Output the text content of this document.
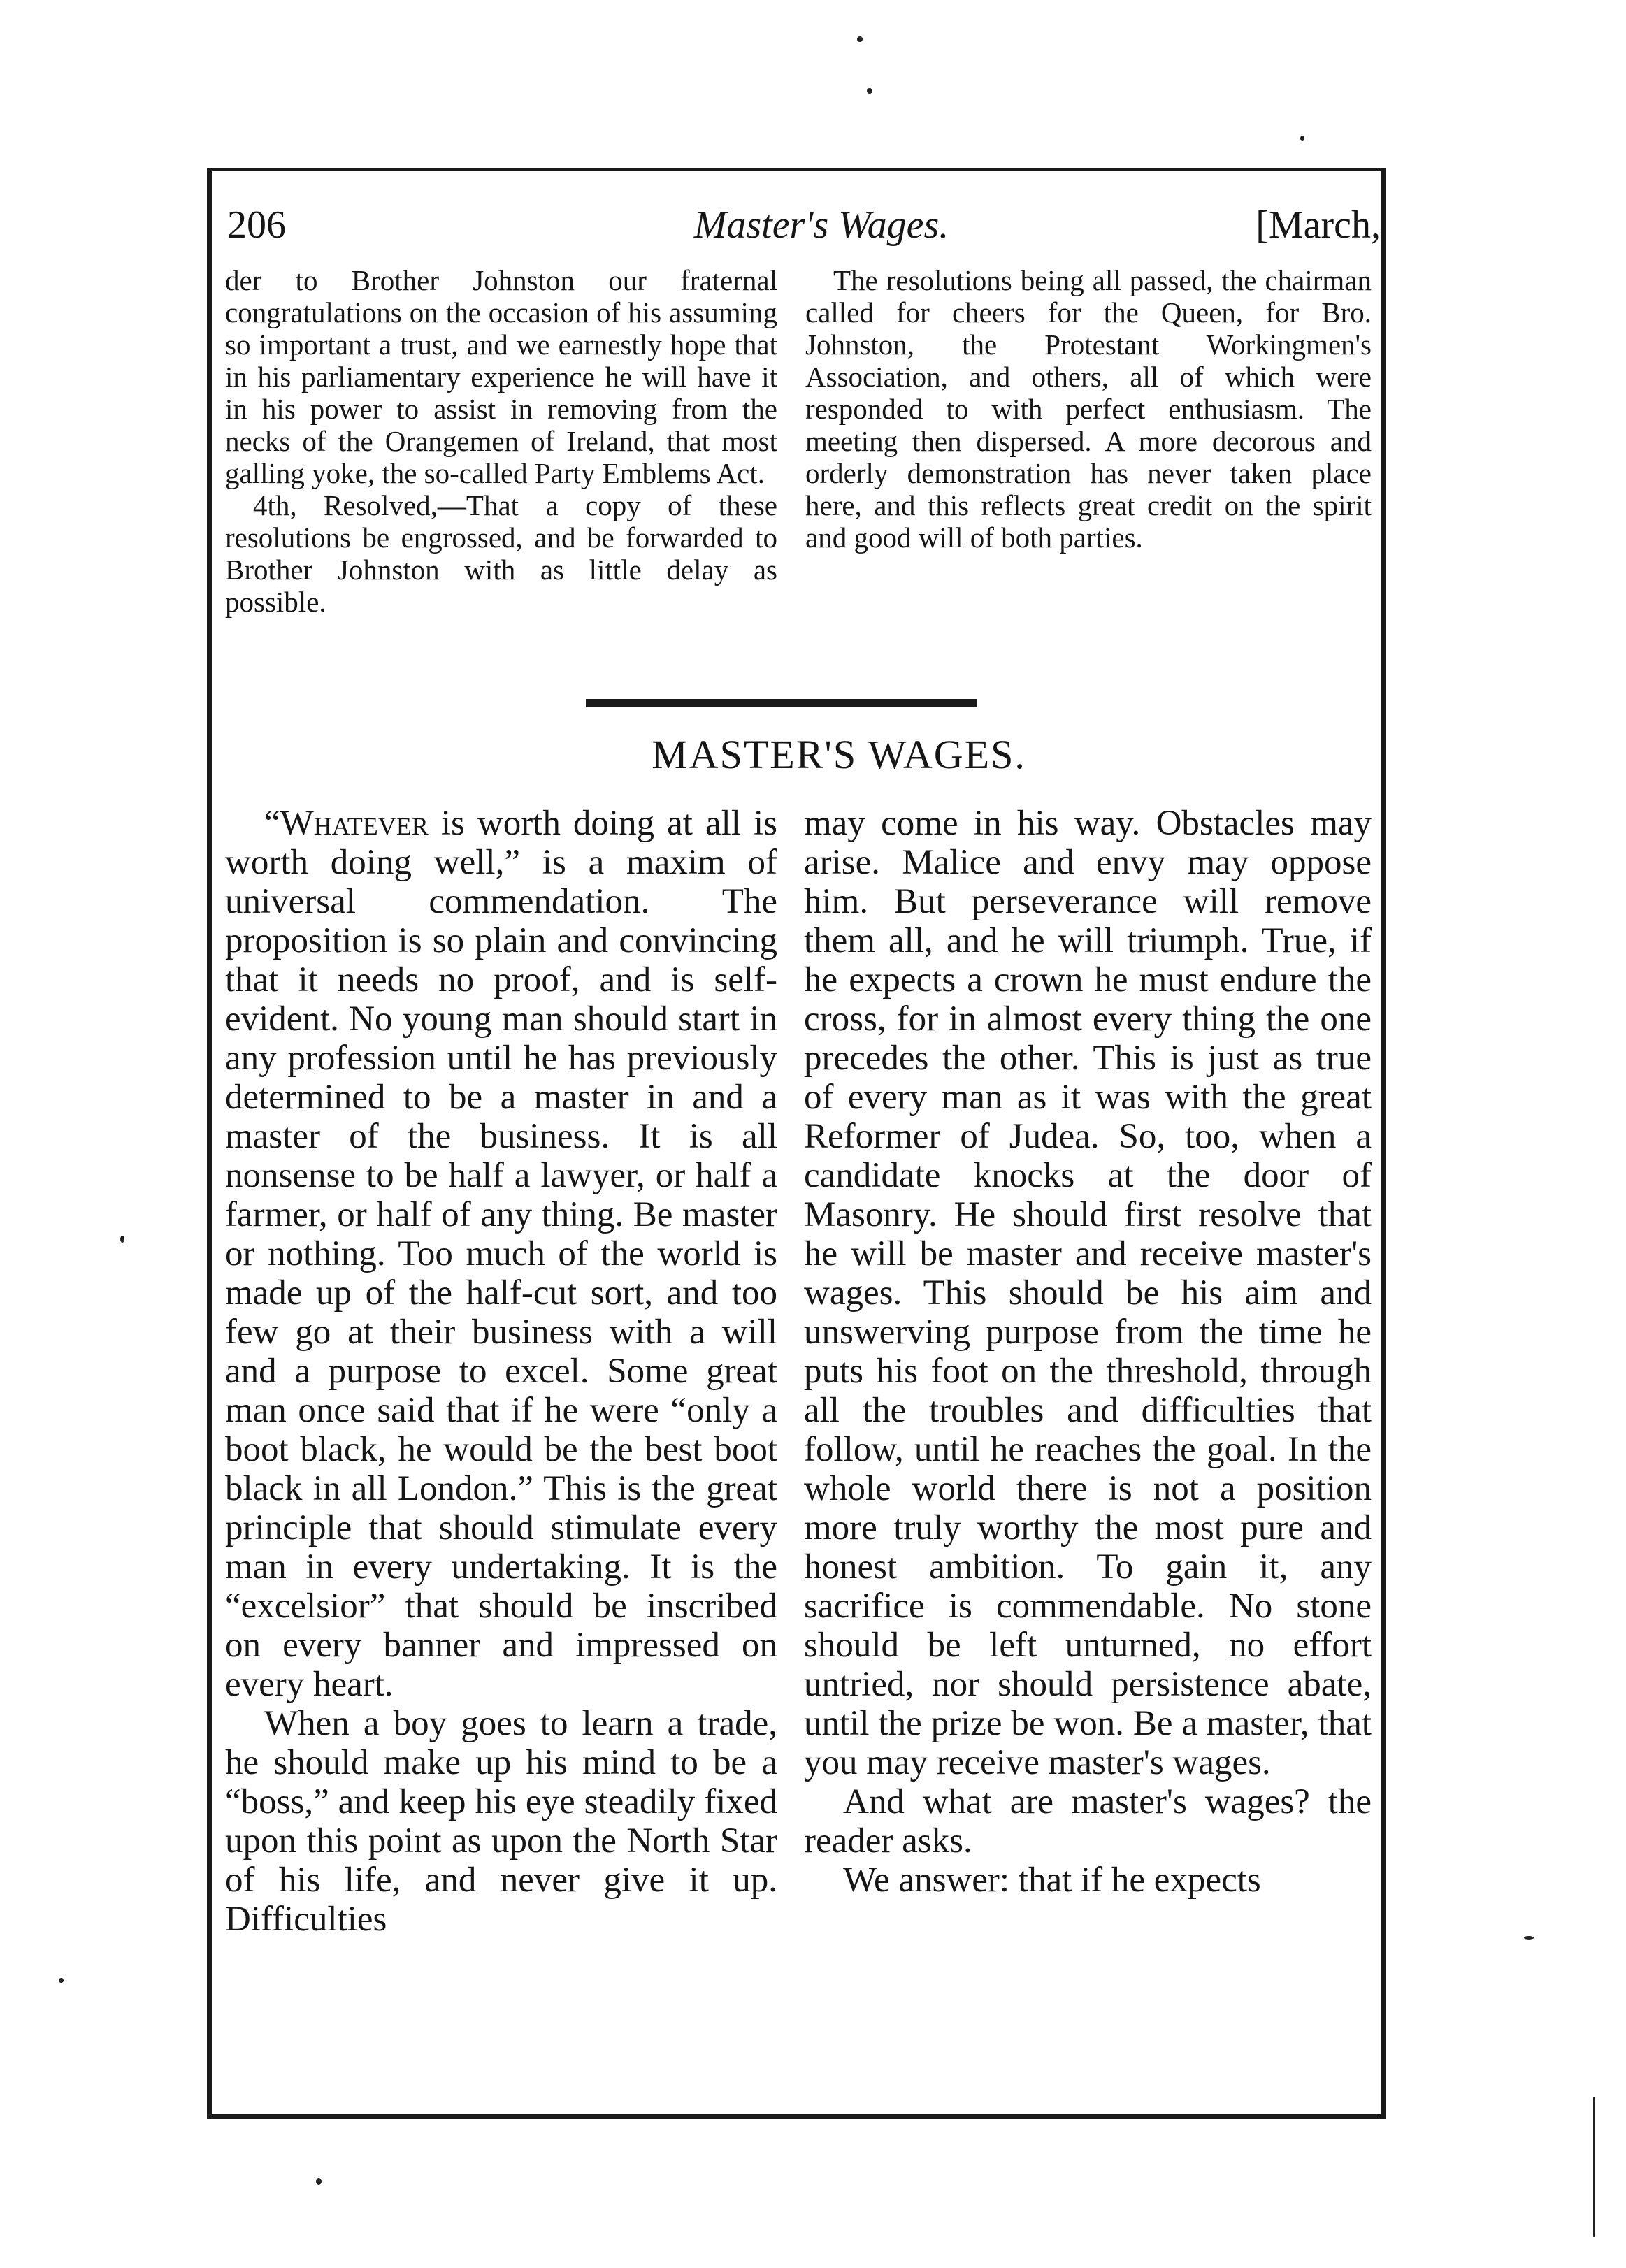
206	Master's Wages.	[March,

der to Brother Johnston our fraternal congratulations on the occasion of his assuming so important a trust, and we earnestly hope that in his parliamentary experience he will have it in his power to assist in removing from the necks of the Orangemen of Ireland, that most galling yoke, the so-called Party Emblems Act.

4th, Resolved,—That a copy of these resolutions be engrossed, and be forwarded to Brother Johnston with as little delay as possible.

The resolutions being all passed, the chairman called for cheers for the Queen, for Bro. Johnston, the Protestant Workingmen's Association, and others, all of which were responded to with perfect enthusiasm. The meeting then dispersed. A more decorous and orderly demonstration has never taken place here, and this reflects great credit on the spirit and good will of both parties.

MASTER'S WAGES.

“Whatever is worth doing at all is worth doing well,” is a maxim of universal commendation. The proposition is so plain and convincing that it needs no proof, and is self-evident. No young man should start in any profession until he has previously determined to be a master in and a master of the business. It is all nonsense to be half a lawyer, or half a farmer, or half of any thing. Be master or nothing. Too much of the world is made up of the half-cut sort, and too few go at their business with a will and a purpose to excel. Some great man once said that if he were “only a boot black, he would be the best boot black in all London.” This is the great principle that should stimulate every man in every undertaking. It is the “excelsior” that should be inscribed on every banner and impressed on every heart.

When a boy goes to learn a trade, he should make up his mind to be a “boss,” and keep his eye steadily fixed upon this point as upon the North Star of his life, and never give it up. Difficulties

may come in his way. Obstacles may arise. Malice and envy may oppose him. But perseverance will remove them all, and he will triumph. True, if he expects a crown he must endure the cross, for in almost every thing the one precedes the other. This is just as true of every man as it was with the great Reformer of Judea. So, too, when a candidate knocks at the door of Masonry. He should first resolve that he will be master and receive master's wages. This should be his aim and unswerving purpose from the time he puts his foot on the threshold, through all the troubles and difficulties that follow, until he reaches the goal. In the whole world there is not a position more truly worthy the most pure and honest ambition. To gain it, any sacrifice is commendable. No stone should be left unturned, no effort untried, nor should persistence abate, until the prize be won. Be a master, that you may receive master's wages.

And what are master's wages? the reader asks.

We answer: that if he expects
